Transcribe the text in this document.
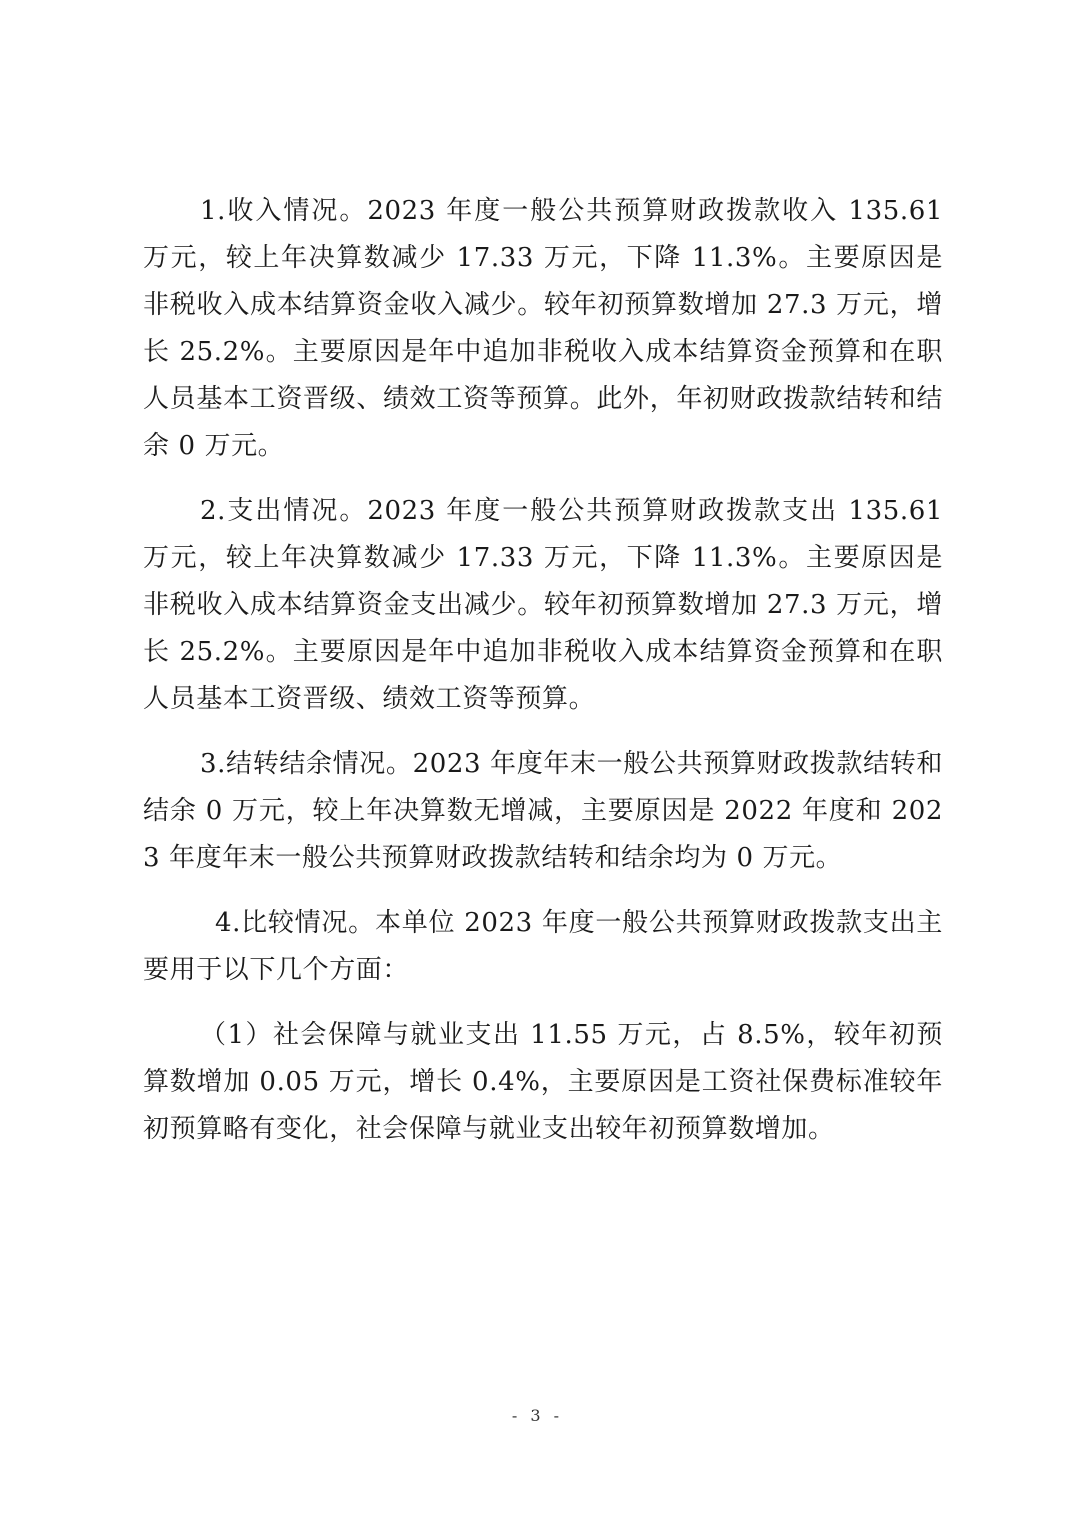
1.收入情况。2023 年度一般公共预算财政拨款收入 135.61 万元，较上年决算数减少 17.33 万元，下降 11.3%。主要原因是非税收入成本结算资金收入减少。较年初预算数增加 27.3 万元，增长 25.2%。主要原因是年中追加非税收入成本结算资金预算和在职人员基本工资晋级、绩效工资等预算。此外，年初财政拨款结转和结余 0 万元。

2.支出情况。2023 年度一般公共预算财政拨款支出 135.61 万元，较上年决算数减少 17.33 万元，下降 11.3%。主要原因是非税收入成本结算资金支出减少。较年初预算数增加 27.3 万元，增长 25.2%。主要原因是年中追加非税收入成本结算资金预算和在职人员基本工资晋级、绩效工资等预算。

3.结转结余情况。2023 年度年末一般公共预算财政拨款结转和结余 0 万元，较上年决算数无增减，主要原因是 2022 年度和 2023 年度年末一般公共预算财政拨款结转和结余均为 0 万元。

4.比较情况。本单位 2023 年度一般公共预算财政拨款支出主要用于以下几个方面：

（1）社会保障与就业支出 11.55 万元，占 8.5%，较年初预算数增加 0.05 万元，增长 0.4%，主要原因是工资社保费标准较年初预算略有变化，社会保障与就业支出较年初预算数增加。

- 3 -
